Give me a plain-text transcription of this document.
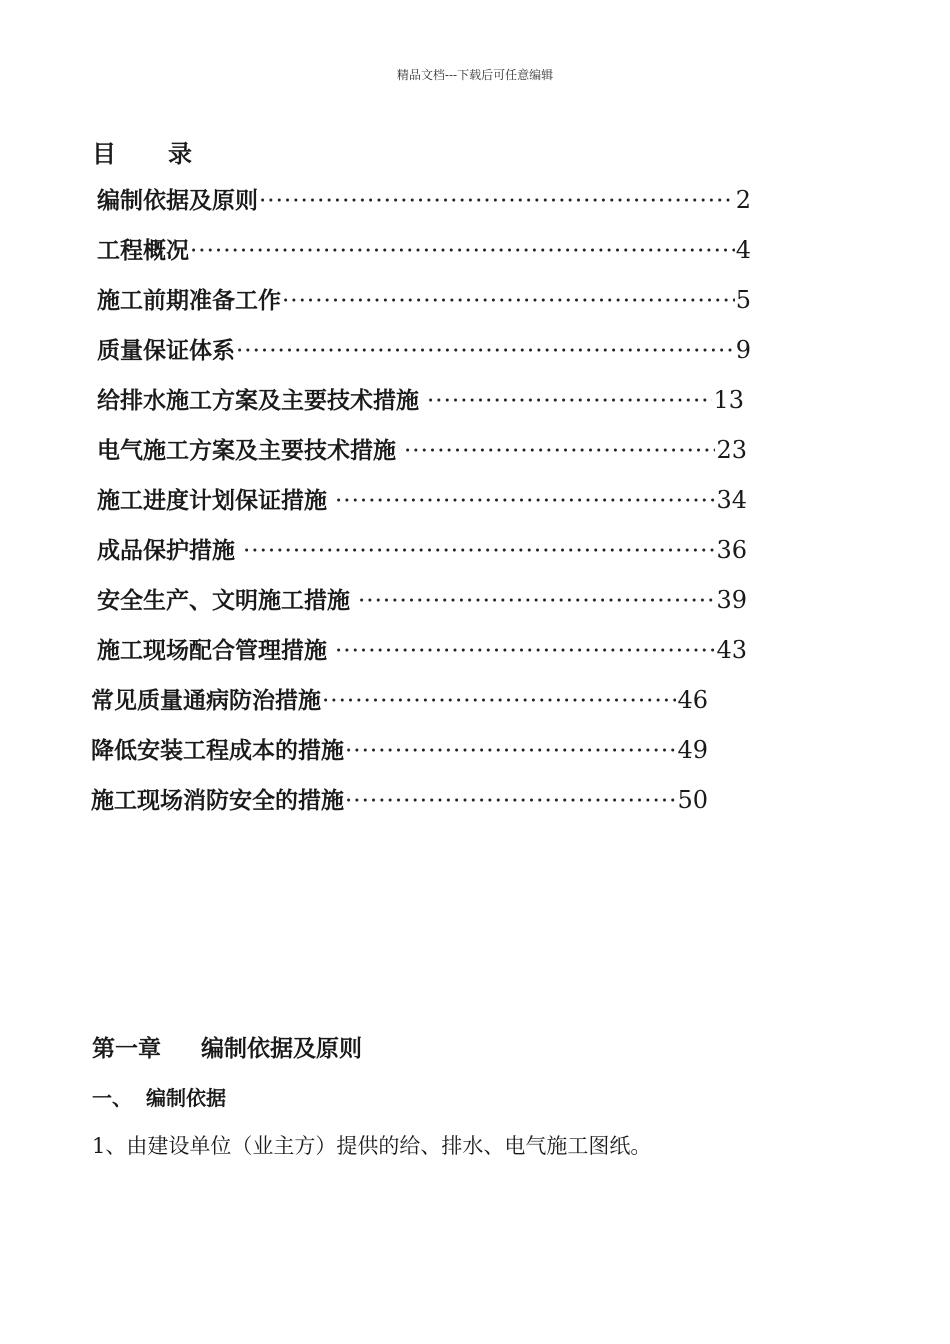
精品文档---下载后可任意编辑
目 录
编制依据及原则 ·····	2
工程概况 ·····	4
施工前期准备工作 ·····	5
质量保证体系 ·····	9
给排水施工方案及主要技术措施 ·····	13
电气施工方案及主要技术措施 ·····	23
施工进度计划保证措施 ·····	34
成品保护措施 ·····	36
安全生产、文明施工措施 ·····	39
施工现场配合管理措施 ·····	43
常见质量通病防治措施 ·····	46
降低安装工程成本的措施 ·····	49
施工现场消防安全的措施 ·····	50
第一章 编制依据及原则
一、 编制依据
1、由建设单位（业主方）提供的给、排水、电气施工图纸。
